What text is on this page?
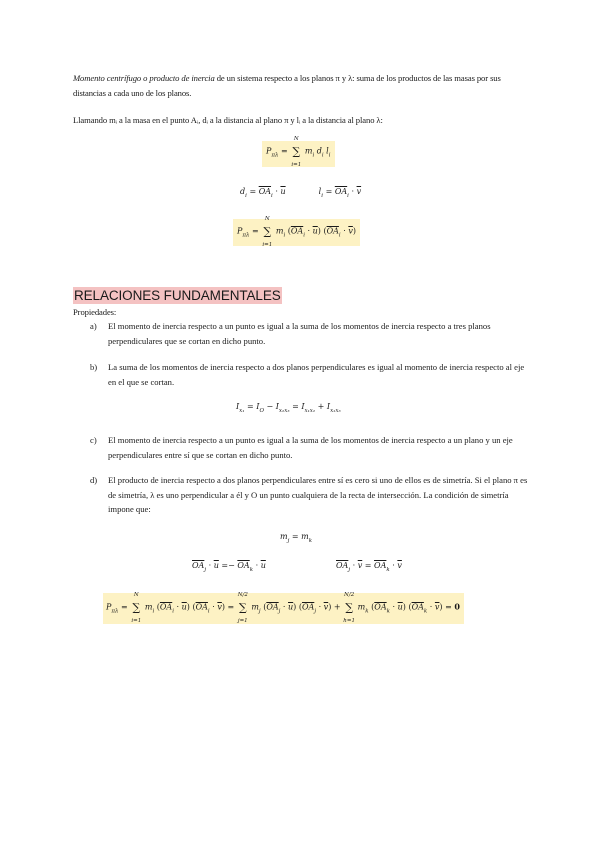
Momento centrífugo o producto de inercia de un sistema respecto a los planos π y λ: suma de los productos de las masas por sus distancias a cada uno de los planos.

Llamando mᵢ a la masa en el punto Aᵢ, dᵢ a la distancia al plano π y lᵢ a la distancia al plano λ:

$P_{\pi\lambda}$ =
N
∑
i=1
$m_i$ $d_i$ $l_i$
$d_i = \overline{OA}_i \cdot \overline{u}$	$l_i = \overline{OA}_i \cdot \overline{v}$
$P_{\pi\lambda}$ =
N
∑
i=1
$m_i$ $(\overline{OA}_i \cdot \overline{u}) (\overline{OA}_i \cdot \overline{v})$
RELACIONES FUNDAMENTALES

Propiedades:

a) El momento de inercia respecto a un punto es igual a la suma de los momentos de inercia respecto a tres planos perpendiculares que se cortan en dicho punto.

b) La suma de los momentos de inercia respecto a dos planos perpendiculares es igual al momento de inercia respecto al eje en el que se cortan.

$I_{x_1} = I_O - I_{x_2x_3} = I_{x_1x_2} + I_{x_1x_3}$
c) El momento de inercia respecto a un punto es igual a la suma de los momentos de inercia respecto a un plano y un eje perpendiculares entre sí que se cortan en dicho punto.

d) El producto de inercia respecto a dos planos perpendiculares entre sí es cero si uno de ellos es de simetría. Si el plano π es de simetría, λ es uno perpendicular a él y O un punto cualquiera de la recta de intersección. La condición de simetría impone que:

$m_j = m_k$
$\overline{OA}_j \cdot \overline{u} =- \overline{OA}_k \cdot \overline{u}$	$\overline{OA}_j \cdot \overline{v} = \overline{OA}_k \cdot \overline{v}$
$P_{\pi\lambda}$ =
N
∑
i=1
$m_i$ $(\overline{OA}_i \cdot \overline{u}) (\overline{OA}_i \cdot \overline{v})$ =
N/2
∑
j=1
$m_j$ $(\overline{OA}_j \cdot \overline{u}) (\overline{OA}_j \cdot \overline{v})$ +
N/2
∑
h=1
$m_k$ $(\overline{OA}_k \cdot \overline{u}) (\overline{OA}_k \cdot \overline{v}) = 0$
